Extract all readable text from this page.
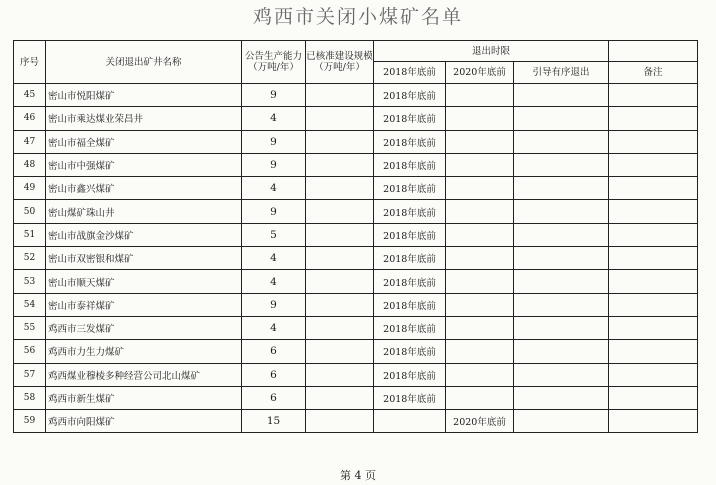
鸡西市关闭小煤矿名单
序号	关闭退出矿井名称	公告生产能力（万吨/年）	已核准建设规模（万吨/年）	退出时限			
				2018年底前	2020年底前	引导有序退出	备注
45	密山市悦阳煤矿	9		2018年底前			
46	密山市乘达煤业荣昌井	4		2018年底前			
47	密山市福全煤矿	9		2018年底前			
48	密山市中强煤矿	9		2018年底前			
49	密山市鑫兴煤矿	4		2018年底前			
50	密山煤矿珠山井	9		2018年底前			
51	密山市战旗金沙煤矿	5		2018年底前			
52	密山市双密银和煤矿	4		2018年底前			
53	密山市顺天煤矿	4		2018年底前			
54	密山市泰祥煤矿	9		2018年底前			
55	鸡西市三发煤矿	4		2018年底前			
56	鸡西市力生力煤矿	6		2018年底前			
57	鸡西煤业穆棱多种经营公司北山煤矿	6		2018年底前			
58	鸡西市新生煤矿	6		2018年底前			
59	鸡西市向阳煤矿	15			2020年底前		
第 4 页
